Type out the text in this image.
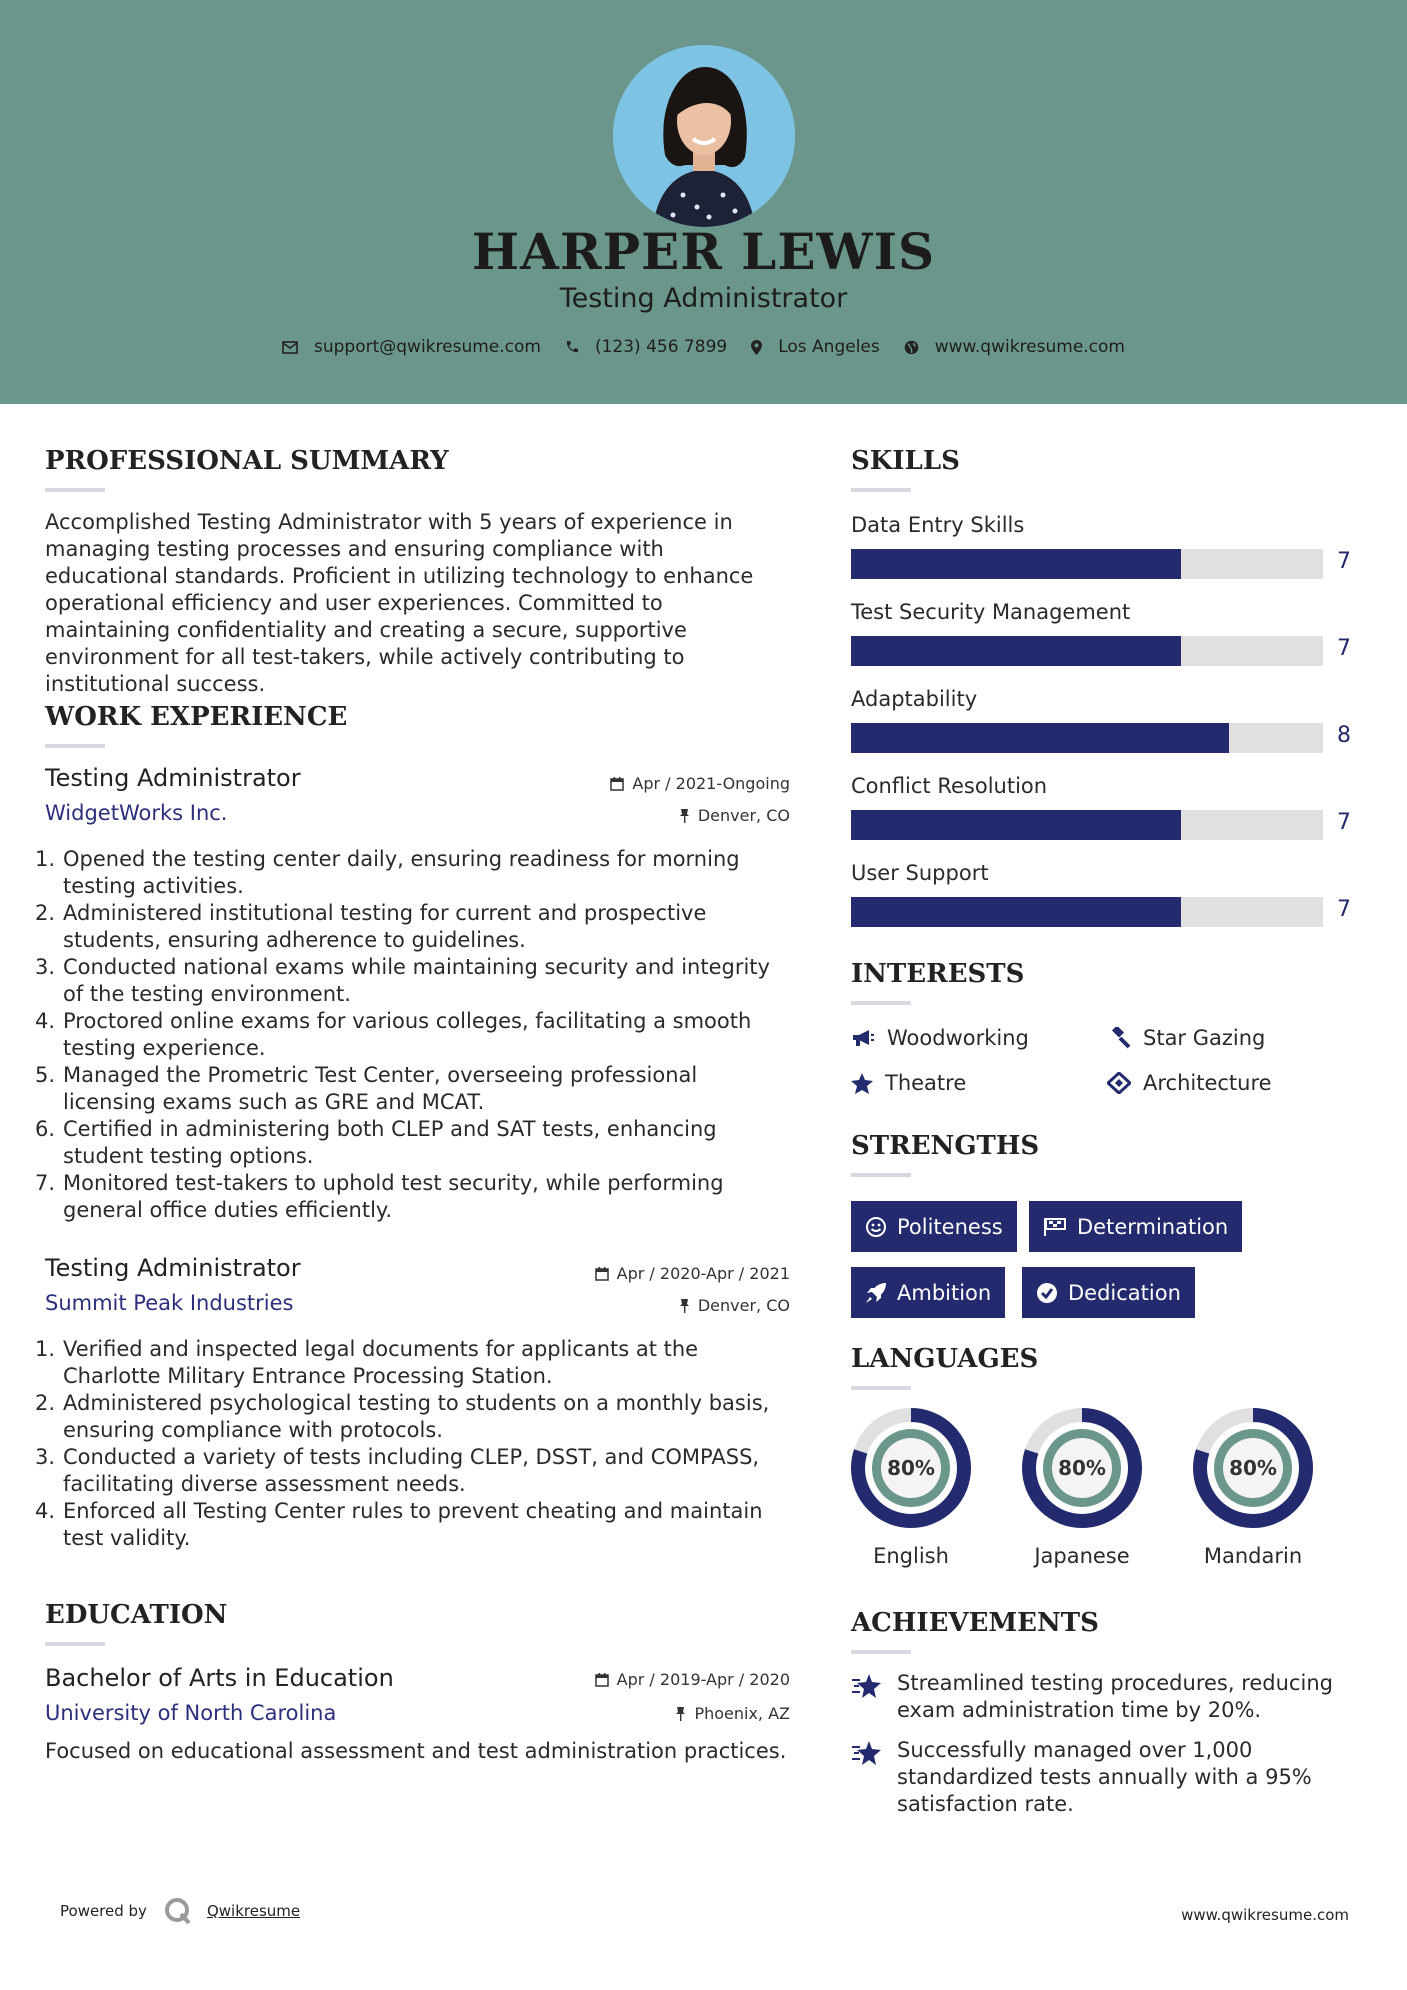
HARPER LEWIS
Testing Administrator
support@qwikresume.com	(123) 456 7899	Los Angeles	www.qwikresume.com
PROFESSIONAL SUMMARY
Accomplished Testing Administrator with 5 years of experience in managing testing processes and ensuring compliance with educational standards. Proficient in utilizing technology to enhance operational efficiency and user experiences. Committed to maintaining confidentiality and creating a secure, supportive environment for all test-takers, while actively contributing to institutional success.
WORK EXPERIENCE
Testing Administrator
WidgetWorks Inc.
Apr / 2021-Ongoing
Denver, CO
1. Opened the testing center daily, ensuring readiness for morning testing activities.
2. Administered institutional testing for current and prospective students, ensuring adherence to guidelines.
3. Conducted national exams while maintaining security and integrity of the testing environment.
4. Proctored online exams for various colleges, facilitating a smooth testing experience.
5. Managed the Prometric Test Center, overseeing professional licensing exams such as GRE and MCAT.
6. Certified in administering both CLEP and SAT tests, enhancing student testing options.
7. Monitored test-takers to uphold test security, while performing general office duties efficiently.
Testing Administrator
Summit Peak Industries
Apr / 2020-Apr / 2021
Denver, CO
1. Verified and inspected legal documents for applicants at the Charlotte Military Entrance Processing Station.
2. Administered psychological testing to students on a monthly basis, ensuring compliance with protocols.
3. Conducted a variety of tests including CLEP, DSST, and COMPASS, facilitating diverse assessment needs.
4. Enforced all Testing Center rules to prevent cheating and maintain test validity.
EDUCATION
Bachelor of Arts in Education
University of North Carolina
Apr / 2019-Apr / 2020
Phoenix, AZ
Focused on educational assessment and test administration practices.
SKILLS
Data Entry Skills
7
Test Security Management
7
Adaptability
8
Conflict Resolution
7
User Support
7
INTERESTS
Woodworking	Star Gazing
Theatre	Architecture
STRENGTHS
Politeness	Determination
Ambition	Dedication
LANGUAGES
80%
English
80%
Japanese
80%
Mandarin
ACHIEVEMENTS
Streamlined testing procedures, reducing exam administration time by 20%.
Successfully managed over 1,000 standardized tests annually with a 95% satisfaction rate.
Powered by	Qwikresume	www.qwikresume.com
